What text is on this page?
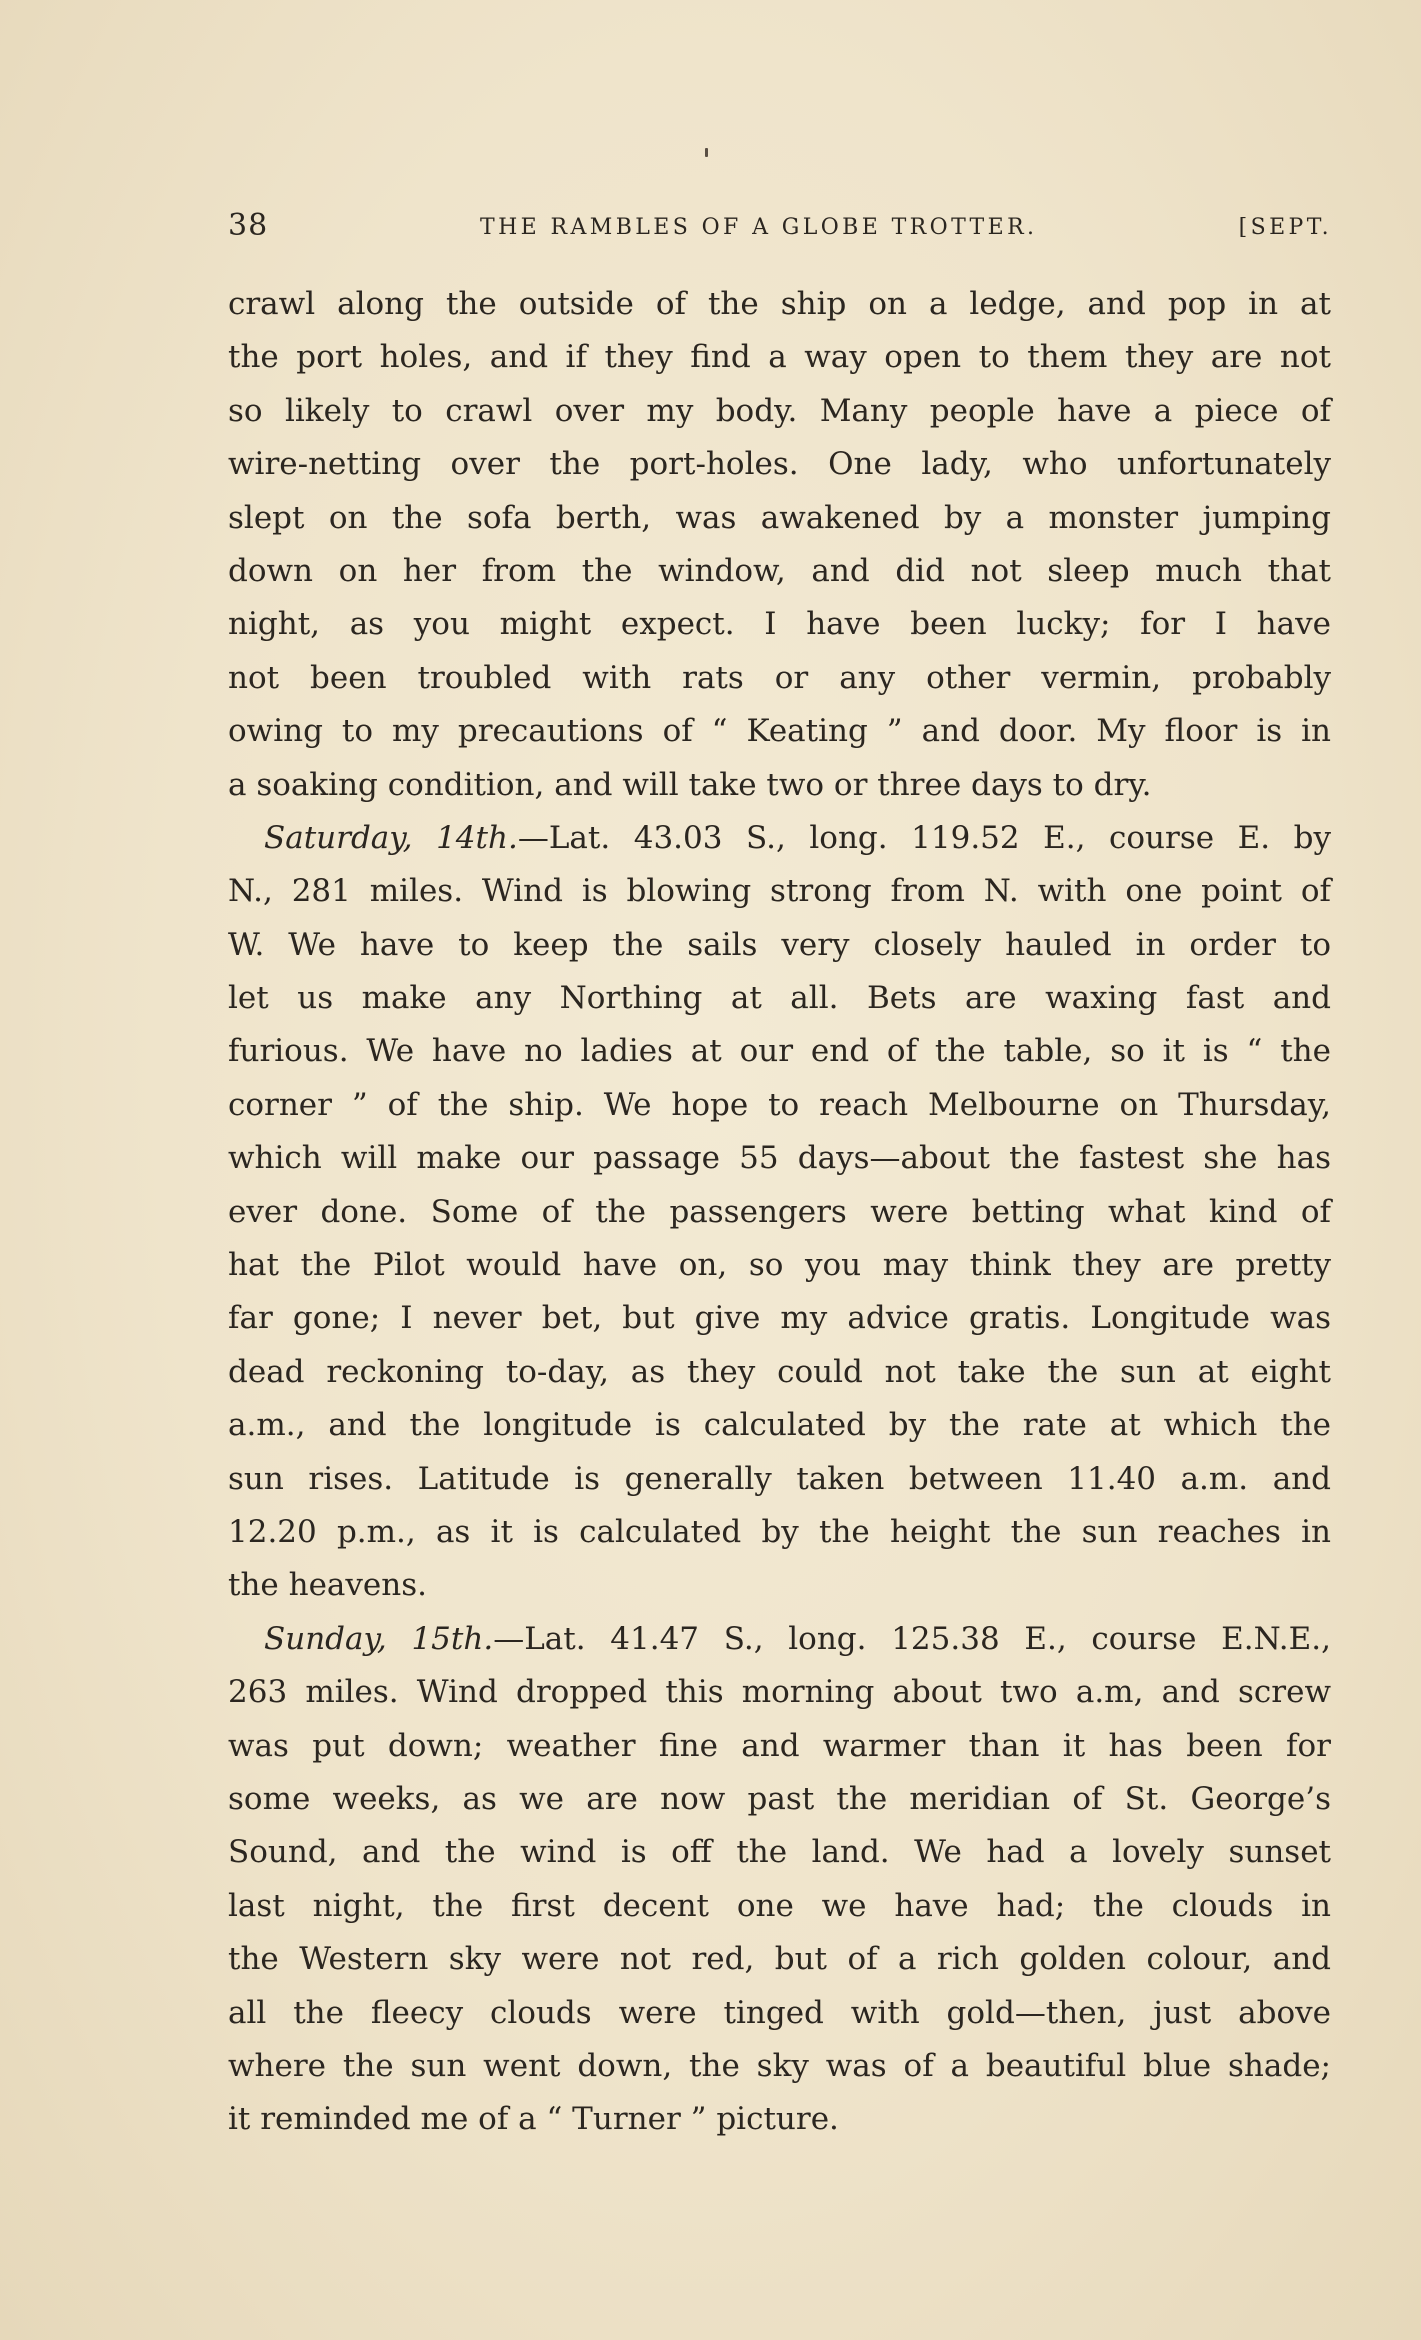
38	THE RAMBLES OF A GLOBE TROTTER.	[SEPT.
crawl along the outside of the ship on a ledge, and pop in at
the port holes, and if they find a way open to them they are not
so likely to crawl over my body. Many people have a piece of
wire-netting over the port-holes. One lady, who unfortunately
slept on the sofa berth, was awakened by a monster jumping
down on her from the window, and did not sleep much that
night, as you might expect. I have been lucky; for I have
not been troubled with rats or any other vermin, probably
owing to my precautions of “ Keating ” and door. My floor is in
a soaking condition, and will take two or three days to dry.
Saturday, 14th.—Lat. 43.03 S., long. 119.52 E., course E. by
N., 281 miles. Wind is blowing strong from N. with one point of
W. We have to keep the sails very closely hauled in order to
let us make any Northing at all. Bets are waxing fast and
furious. We have no ladies at our end of the table, so it is “ the
corner ” of the ship. We hope to reach Melbourne on Thursday,
which will make our passage 55 days—about the fastest she has
ever done. Some of the passengers were betting what kind of
hat the Pilot would have on, so you may think they are pretty
far gone; I never bet, but give my advice gratis. Longitude was
dead reckoning to-day, as they could not take the sun at eight
a.m., and the longitude is calculated by the rate at which the
sun rises. Latitude is generally taken between 11.40 a.m. and
12.20 p.m., as it is calculated by the height the sun reaches in
the heavens.
Sunday, 15th.—Lat. 41.47 S., long. 125.38 E., course E.N.E.,
263 miles. Wind dropped this morning about two a.m, and screw
was put down; weather fine and warmer than it has been for
some weeks, as we are now past the meridian of St. George’s
Sound, and the wind is off the land. We had a lovely sunset
last night, the first decent one we have had; the clouds in
the Western sky were not red, but of a rich golden colour, and
all the fleecy clouds were tinged with gold—then, just above
where the sun went down, the sky was of a beautiful blue shade;
it reminded me of a “ Turner ” picture.
